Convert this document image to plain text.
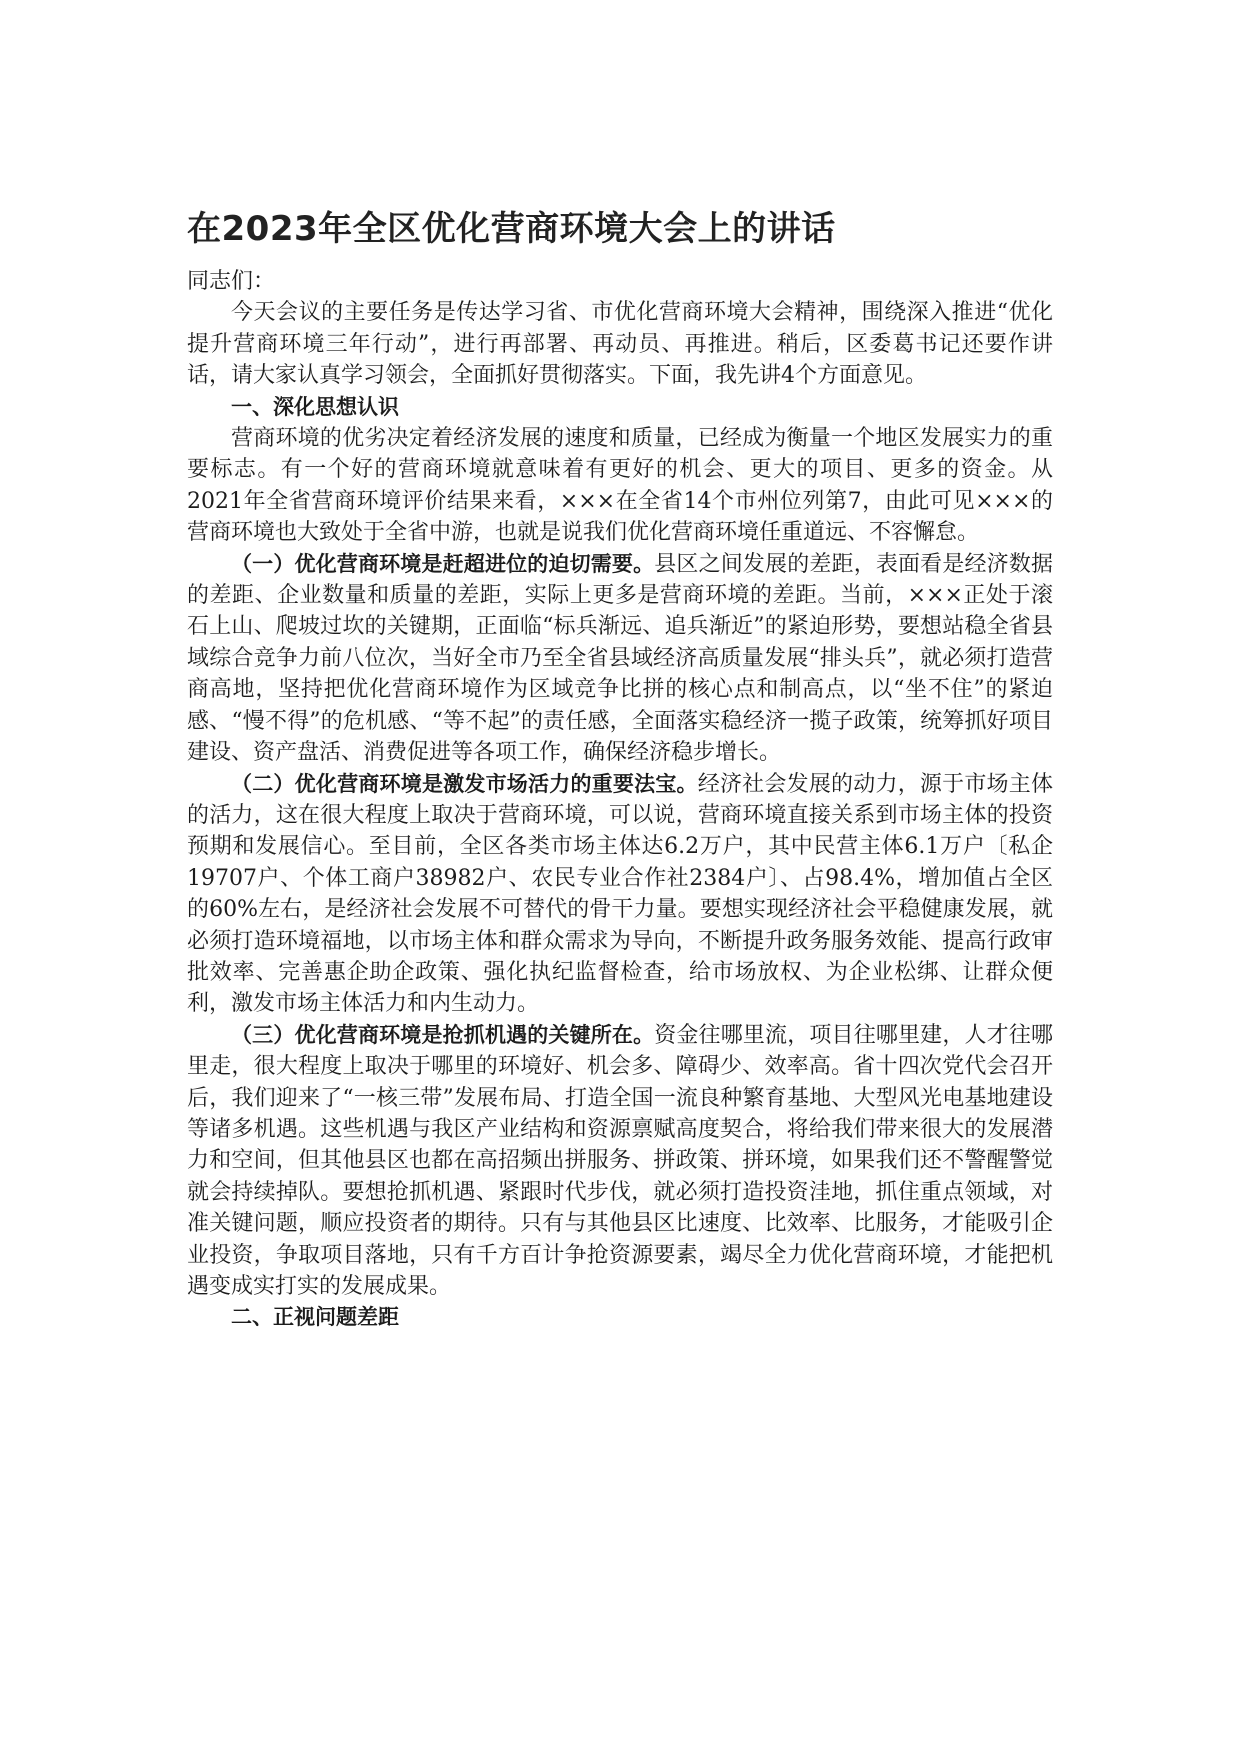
在2023年全区优化营商环境大会上的讲话

同志们：

今天会议的主要任务是传达学习省、市优化营商环境大会精神，围绕深入推进“优化提升营商环境三年行动”，进行再部署、再动员、再推进。稍后，区委葛书记还要作讲话，请大家认真学习领会，全面抓好贯彻落实。下面，我先讲4个方面意见。

一、深化思想认识

营商环境的优劣决定着经济发展的速度和质量，已经成为衡量一个地区发展实力的重要标志。有一个好的营商环境就意味着有更好的机会、更大的项目、更多的资金。从2021年全省营商环境评价结果来看，×××在全省14个市州位列第7，由此可见×××的营商环境也大致处于全省中游，也就是说我们优化营商环境任重道远、不容懈怠。

（一）优化营商环境是赶超进位的迫切需要。县区之间发展的差距，表面看是经济数据的差距、企业数量和质量的差距，实际上更多是营商环境的差距。当前，×××正处于滚石上山、爬坡过坎的关键期，正面临“标兵渐远、追兵渐近”的紧迫形势，要想站稳全省县域综合竞争力前八位次，当好全市乃至全省县域经济高质量发展“排头兵”，就必须打造营商高地，坚持把优化营商环境作为区域竞争比拼的核心点和制高点，以“坐不住”的紧迫感、“慢不得”的危机感、“等不起”的责任感，全面落实稳经济一揽子政策，统筹抓好项目建设、资产盘活、消费促进等各项工作，确保经济稳步增长。

（二）优化营商环境是激发市场活力的重要法宝。经济社会发展的动力，源于市场主体的活力，这在很大程度上取决于营商环境，可以说，营商环境直接关系到市场主体的投资预期和发展信心。至目前，全区各类市场主体达6.2万户，其中民营主体6.1万户〔私企19707户、个体工商户38982户、农民专业合作社2384户〕、占98.4%，增加值占全区的60%左右，是经济社会发展不可替代的骨干力量。要想实现经济社会平稳健康发展，就必须打造环境福地，以市场主体和群众需求为导向，不断提升政务服务效能、提高行政审批效率、完善惠企助企政策、强化执纪监督检查，给市场放权、为企业松绑、让群众便利，激发市场主体活力和内生动力。

（三）优化营商环境是抢抓机遇的关键所在。资金往哪里流，项目往哪里建，人才往哪里走，很大程度上取决于哪里的环境好、机会多、障碍少、效率高。省十四次党代会召开后，我们迎来了“一核三带”发展布局、打造全国一流良种繁育基地、大型风光电基地建设等诸多机遇。这些机遇与我区产业结构和资源禀赋高度契合，将给我们带来很大的发展潜力和空间，但其他县区也都在高招频出拼服务、拼政策、拼环境，如果我们还不警醒警觉就会持续掉队。要想抢抓机遇、紧跟时代步伐，就必须打造投资洼地，抓住重点领域，对准关键问题，顺应投资者的期待。只有与其他县区比速度、比效率、比服务，才能吸引企业投资，争取项目落地，只有千方百计争抢资源要素，竭尽全力优化营商环境，才能把机遇变成实打实的发展成果。

二、正视问题差距
